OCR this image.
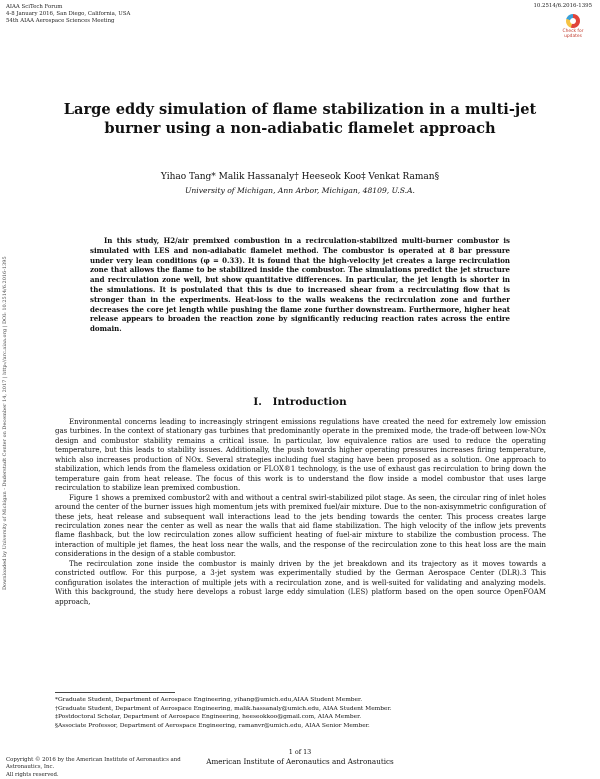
AIAA SciTech Forum
4-8 January 2016, San Diego, California, USA
54th AIAA Aerospace Sciences Meeting
10.2514/6.2016-1395
Check for
updates
Downloaded by University of Michigan - Duderstadt Center on December 14, 2017 | http://arc.aiaa.org | DOI: 10.2514/6.2016-1395
Large eddy simulation of flame stabilization in a multi-jet burner using a non-adiabatic flamelet approach
Yihao Tang* Malik Hassanaly† Heeseok Koo‡ Venkat Raman§
University of Michigan, Ann Arbor, Michigan, 48109, U.S.A.

In this study, H2/air premixed combustion in a recirculation-stabilized multi-burner combustor is simulated with LES and non-adiabatic flamelet method. The combustor is operated at 8 bar pressure under very lean conditions (φ = 0.33). It is found that the high-velocity jet creates a large recirculation zone that allows the flame to be stabilized inside the combustor. The simulations predict the jet structure and recirculation zone well, but show quantitative differences. In particular, the jet length is shorter in the simulations. It is postulated that this is due to increased shear from a recirculating flow that is stronger than in the experiments. Heat-loss to the walls weakens the recirculation zone and further decreases the core jet length while pushing the flame zone further downstream. Furthermore, higher heat release appears to broaden the reaction zone by significantly reducing reaction rates across the entire domain.

I. Introduction

Environmental concerns leading to increasingly stringent emissions regulations have created the need for extremely low emission gas turbines. In the context of stationary gas turbines that predominantly operate in the premixed mode, the trade-off between low-NOx design and combustor stability remains a critical issue. In particular, low equivalence ratios are used to reduce the operating temperature, but this leads to stability issues. Additionally, the push towards higher operating pressures increases firing temperature, which also increases production of NOx. Several strategies including fuel staging have been proposed as a solution. One approach to stabilization, which lends from the flameless oxidation or FLOX®1 technology, is the use of exhaust gas recirculation to bring down the temperature gain from heat release. The focus of this work is to understand the flow inside a model combustor that uses large recirculation to stabilize lean premixed combustion.

Figure 1 shows a premixed combustor2 with and without a central swirl-stabilized pilot stage. As seen, the circular ring of inlet holes around the center of the burner issues high momentum jets with premixed fuel/air mixture. Due to the non-axisymmetric configuration of these jets, heat release and subsequent wall interactions lead to the jets bending towards the center. This process creates large recirculation zones near the center as well as near the walls that aid flame stabilization. The high velocity of the inflow jets prevents flame flashback, but the low recirculation zones allow sufficient heating of fuel-air mixture to stabilize the combustion process. The interaction of multiple jet flames, the heat loss near the walls, and the response of the recirculation zone to this heat loss are the main considerations in the design of a stable combustor.

The recirculation zone inside the combustor is mainly driven by the jet breakdown and its trajectory as it moves towards a constricted outflow. For this purpose, a 3-jet system was experimentally studied by the German Aerospace Center (DLR).3 This configuration isolates the interaction of multiple jets with a recirculation zone, and is well-suited for validating and analyzing models. With this background, the study here develops a robust large eddy simulation (LES) platform based on the open source OpenFOAM approach,

*Graduate Student, Department of Aerospace Engineering, yihang@umich.edu,AIAA Student Member.
†Graduate Student, Department of Aerospace Engineering, malik.hassanaly@umich.edu, AIAA Student Member.
‡Postdoctoral Scholar, Department of Aerospace Engineering, heeseokkoo@gmail.com, AIAA Member.
§Associate Professor, Department of Aerospace Engineering, ramanvr@umich.edu, AIAA Senior Member.
1 of 13
American Institute of Aeronautics and Astronautics
Copyright © 2016 by the American Institute of Aeronautics and Astronautics, Inc.
All rights reserved.
